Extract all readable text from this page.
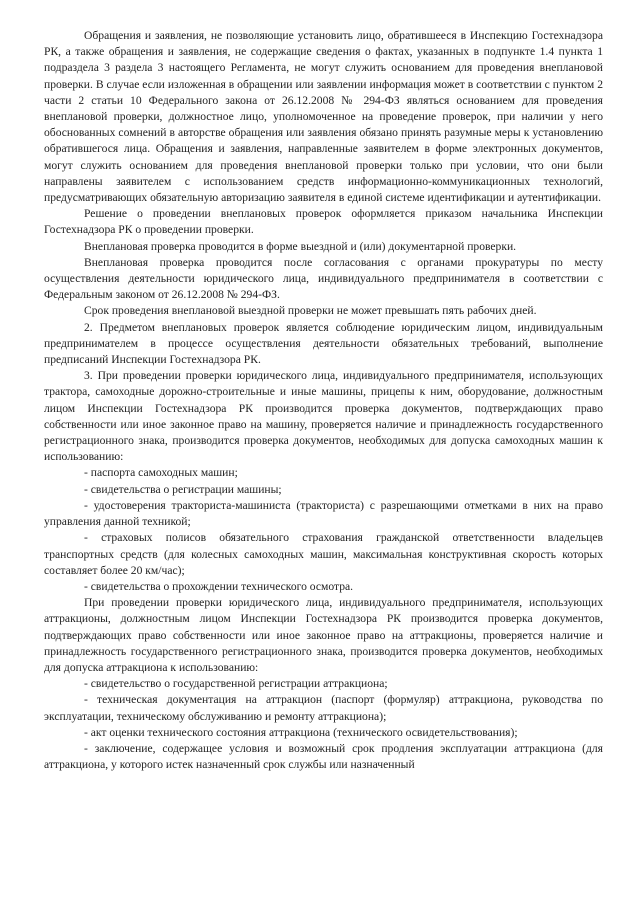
Обращения и заявления, не позволяющие установить лицо, обратившееся в Инспекцию Гостехнадзора РК, а также обращения и заявления, не содержащие сведения о фактах, указанных в подпункте 1.4 пункта 1 подраздела 3 раздела 3 настоящего Регламента, не могут служить основанием для проведения внеплановой проверки. В случае если изложенная в обращении или заявлении информация может в соответствии с пунктом 2 части 2 статьи 10 Федерального закона от 26.12.2008 № 294-ФЗ являться основанием для проведения внеплановой проверки, должностное лицо, уполномоченное на проведение проверок, при наличии у него обоснованных сомнений в авторстве обращения или заявления обязано принять разумные меры к установлению обратившегося лица. Обращения и заявления, направленные заявителем в форме электронных документов, могут служить основанием для проведения внеплановой проверки только при условии, что они были направлены заявителем с использованием средств информационно-коммуникационных технологий, предусматривающих обязательную авторизацию заявителя в единой системе идентификации и аутентификации.

Решение о проведении внеплановых проверок оформляется приказом начальника Инспекции Гостехнадзора РК о проведении проверки.

Внеплановая проверка проводится в форме выездной и (или) документарной проверки.

Внеплановая проверка проводится после согласования с органами прокуратуры по месту осуществления деятельности юридического лица, индивидуального предпринимателя в соответствии с Федеральным законом от 26.12.2008 № 294-ФЗ.

Срок проведения внеплановой выездной проверки не может превышать пять рабочих дней.

2. Предметом внеплановых проверок является соблюдение юридическим лицом, индивидуальным предпринимателем в процессе осуществления деятельности обязательных требований, выполнение предписаний Инспекции Гостехнадзора РК.

3. При проведении проверки юридического лица, индивидуального предпринимателя, использующих трактора, самоходные дорожно-строительные и иные машины, прицепы к ним, оборудование, должностным лицом Инспекции Гостехнадзора РК производится проверка документов, подтверждающих право собственности или иное законное право на машину, проверяется наличие и принадлежность государственного регистрационного знака, производится проверка документов, необходимых для допуска самоходных машин к использованию:

- паспорта самоходных машин;

- свидетельства о регистрации машины;

- удостоверения тракториста-машиниста (тракториста) с разрешающими отметками в них на право управления данной техникой;

- страховых полисов обязательного страхования гражданской ответственности владельцев транспортных средств (для колесных самоходных машин, максимальная конструктивная скорость которых составляет более 20 км/час);

- свидетельства о прохождении технического осмотра.

При проведении проверки юридического лица, индивидуального предпринимателя, использующих аттракционы, должностным лицом Инспекции Гостехнадзора РК производится проверка документов, подтверждающих право собственности или иное законное право на аттракционы, проверяется наличие и принадлежность государственного регистрационного знака, производится проверка документов, необходимых для допуска аттракциона к использованию:

- свидетельство о государственной регистрации аттракциона;

- техническая документация на аттракцион (паспорт (формуляр) аттракциона, руководства по эксплуатации, техническому обслуживанию и ремонту аттракциона);

- акт оценки технического состояния аттракциона (технического освидетельствования);

- заключение, содержащее условия и возможный срок продления эксплуатации аттракциона (для аттракциона, у которого истек назначенный срок службы или назначенный
